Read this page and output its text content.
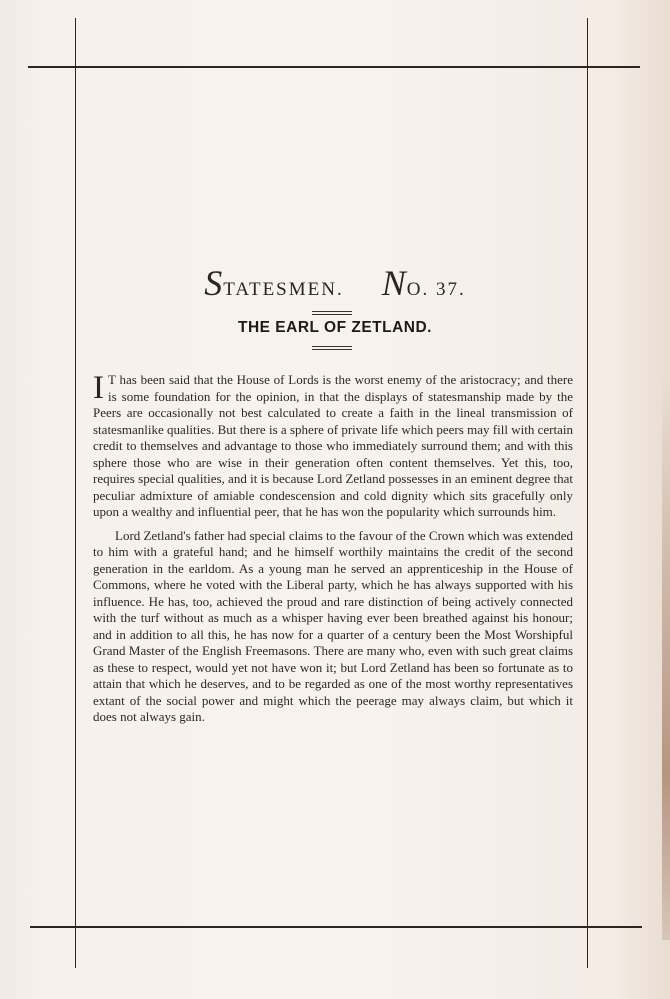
STATESMEN. NO. 37.
THE EARL OF ZETLAND.

I T has been said that the House of Lords is the worst enemy of the aristocracy; and there is some foundation for the opinion, in that the displays of statesmanship made by the Peers are occasionally not best calculated to create a faith in the lineal transmission of statesmanlike qualities. But there is a sphere of private life which peers may fill with certain credit to themselves and advantage to those who immediately surround them; and with this sphere those who are wise in their generation often content themselves. Yet this, too, requires special qualities, and it is because Lord Zetland possesses in an eminent degree that peculiar admixture of amiable condescension and cold dignity which sits gracefully only upon a wealthy and influential peer, that he has won the popularity which surrounds him.

Lord Zetland's father had special claims to the favour of the Crown which was extended to him with a grateful hand; and he himself worthily maintains the credit of the second generation in the earldom. As a young man he served an apprenticeship in the House of Commons, where he voted with the Liberal party, which he has always supported with his influence. He has, too, achieved the proud and rare distinction of being actively connected with the turf without as much as a whisper having ever been breathed against his honour; and in addition to all this, he has now for a quarter of a century been the Most Worshipful Grand Master of the English Freemasons. There are many who, even with such great claims as these to respect, would yet not have won it; but Lord Zetland has been so fortunate as to attain that which he deserves, and to be regarded as one of the most worthy representatives extant of the social power and might which the peerage may always claim, but which it does not always gain.
